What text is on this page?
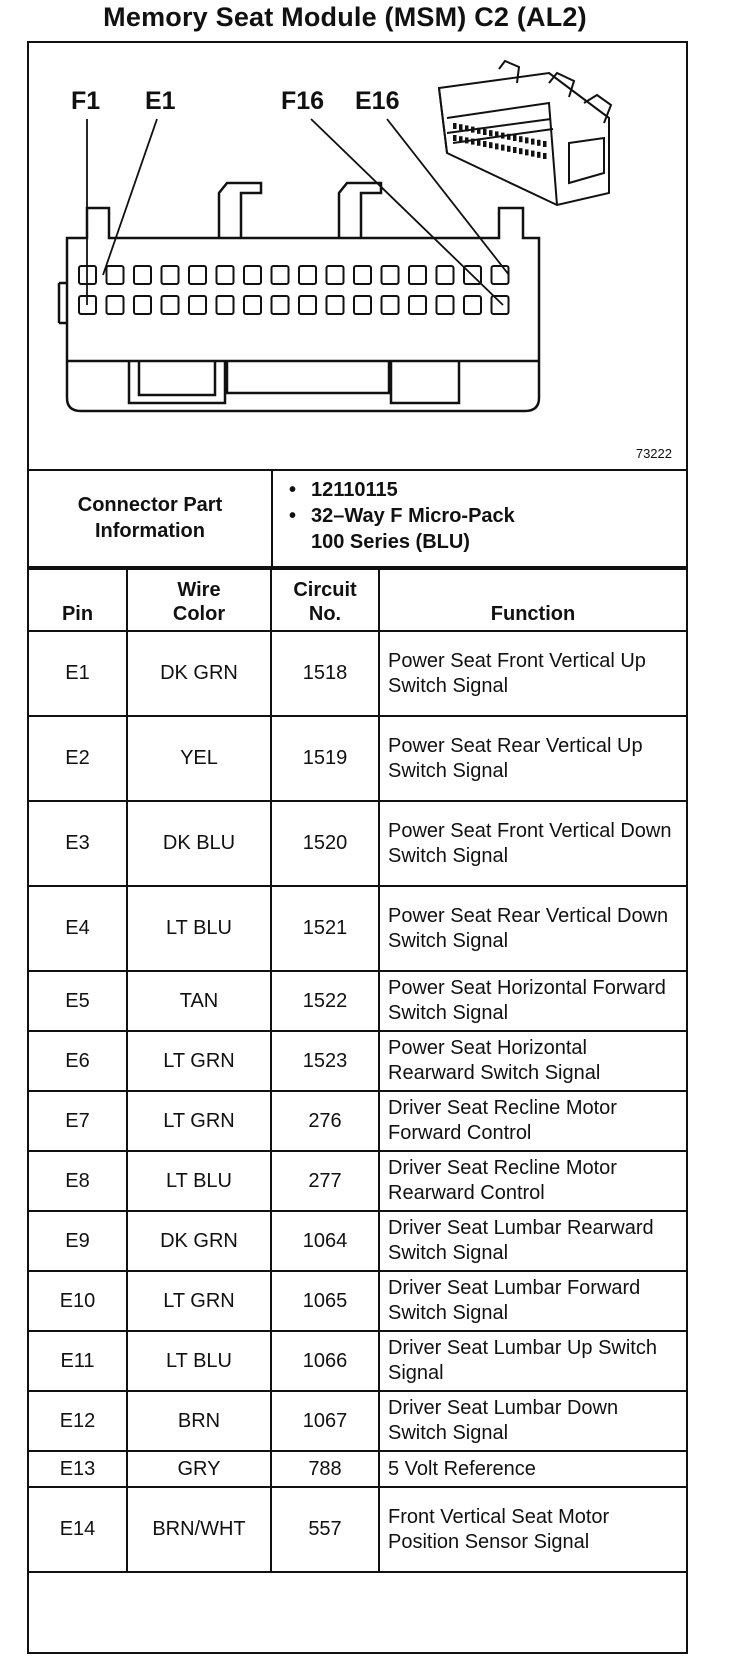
Memory Seat Module (MSM) C2 (AL2)
F1 E1	F16 E16
73222
Connector Part Information	
• 12110115
• 32–Way F Micro-Pack
100 Series (BLU)
Pin	Wire Color	Circuit No.	Function
E1	DK GRN	1518	Power Seat Front Vertical Up Switch Signal
E2	YEL	1519	Power Seat Rear Vertical Up Switch Signal
E3	DK BLU	1520	Power Seat Front Vertical Down Switch Signal
E4	LT BLU	1521	Power Seat Rear Vertical Down Switch Signal
E5	TAN	1522	Power Seat Horizontal Forward Switch Signal
E6	LT GRN	1523	Power Seat Horizontal Rearward Switch Signal
E7	LT GRN	276	Driver Seat Recline Motor Forward Control
E8	LT BLU	277	Driver Seat Recline Motor Rearward Control
E9	DK GRN	1064	Driver Seat Lumbar Rearward Switch Signal
E10	LT GRN	1065	Driver Seat Lumbar Forward Switch Signal
E11	LT BLU	1066	Driver Seat Lumbar Up Switch Signal
E12	BRN	1067	Driver Seat Lumbar Down Switch Signal
E13	GRY	788	5 Volt Reference
E14	BRN/WHT	557	Front Vertical Seat Motor Position Sensor Signal
